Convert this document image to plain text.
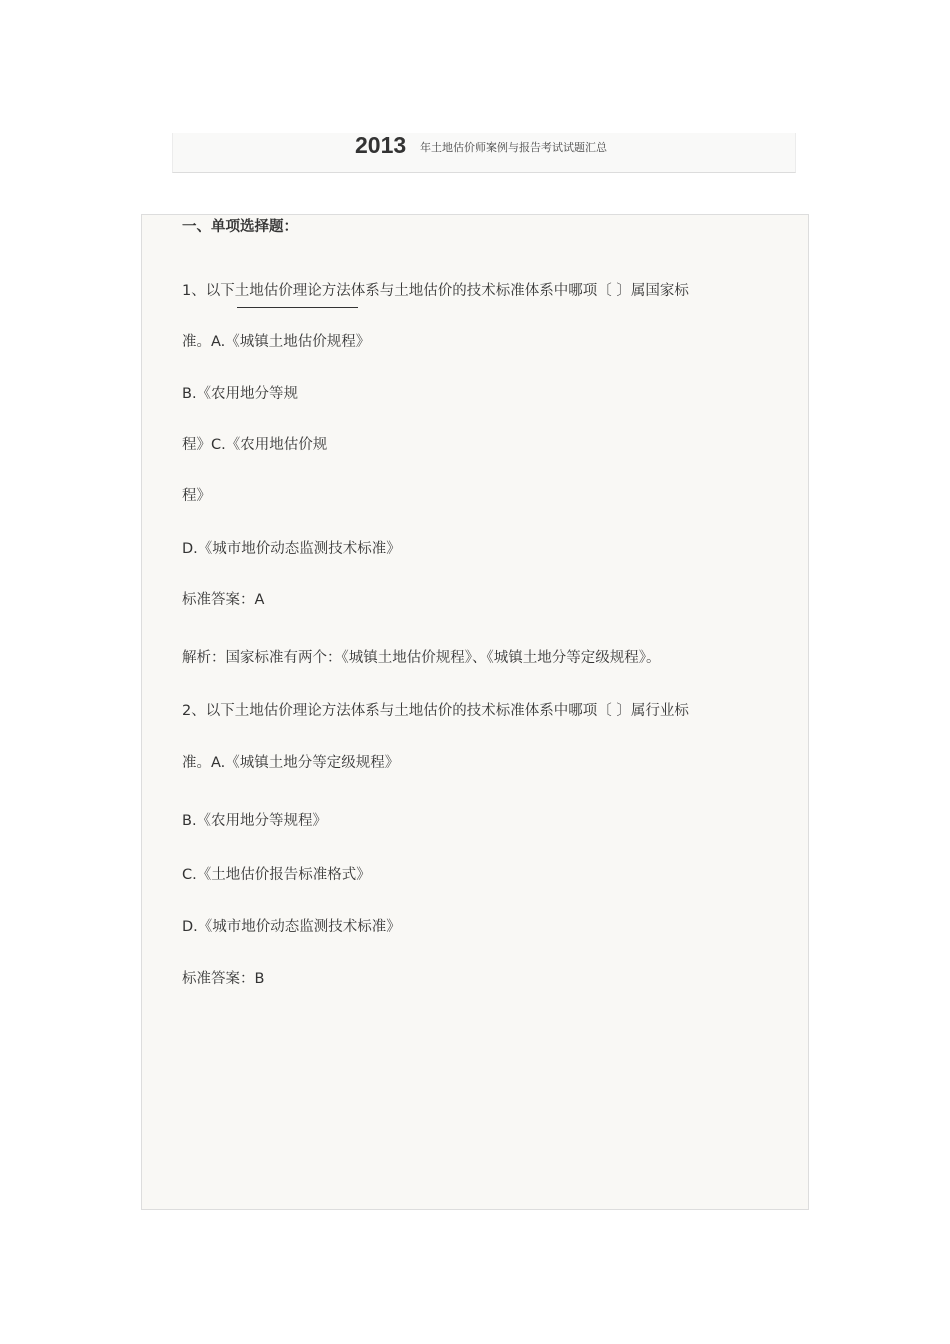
2013 年土地估价师案例与报告考试试题汇总
一、单项选择题：
1、以下土地估价理论方法体系与土地估价的技术标准体系中哪项〔 〕属国家标
准。A.《城镇土地估价规程》
B.《农用地分等规
程》C.《农用地估价规
程》
D.《城市地价动态监测技术标准》
标准答案：A
解析：国家标准有两个：《城镇土地估价规程》、《城镇土地分等定级规程》。
2、以下土地估价理论方法体系与土地估价的技术标准体系中哪项〔 〕属行业标
准。A.《城镇土地分等定级规程》
B.《农用地分等规程》
C.《土地估价报告标准格式》
D.《城市地价动态监测技术标准》
标准答案：B
